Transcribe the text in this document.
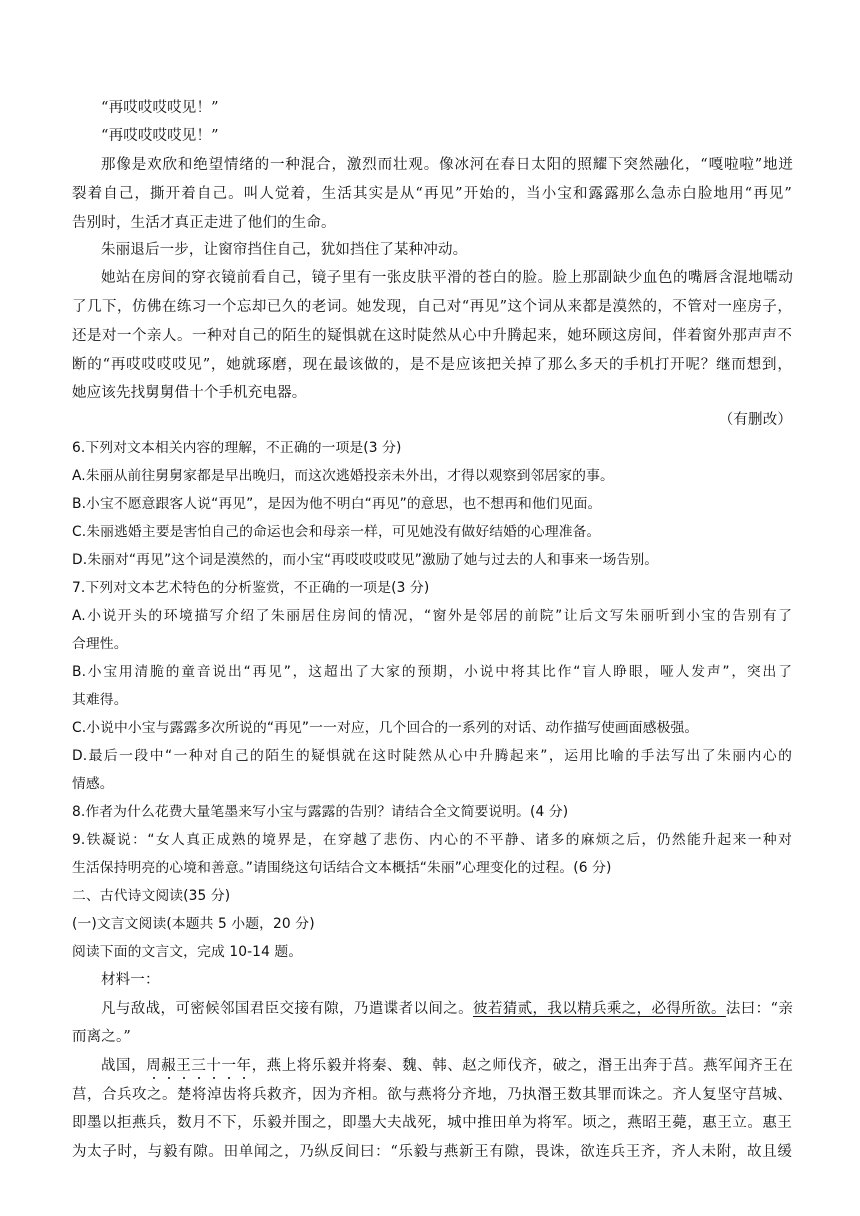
“再哎哎哎哎见！”
“再哎哎哎哎见！”
那像是欢欣和绝望情绪的一种混合，激烈而壮观。像冰河在春日太阳的照耀下突然融化，“嘎啦啦”地迸
裂着自己，撕开着自己。叫人觉着，生活其实是从“再见”开始的，当小宝和露露那么急赤白脸地用“再见”
告别时，生活才真正走进了他们的生命。
朱丽退后一步，让窗帘挡住自己，犹如挡住了某种冲动。
她站在房间的穿衣镜前看自己，镜子里有一张皮肤平滑的苍白的脸。脸上那副缺少血色的嘴唇含混地嚅动
了几下，仿佛在练习一个忘却已久的老词。她发现，自己对“再见”这个词从来都是漠然的，不管对一座房子，
还是对一个亲人。一种对自己的陌生的疑惧就在这时陡然从心中升腾起来，她环顾这房间，伴着窗外那声声不
断的“再哎哎哎哎见”，她就琢磨，现在最该做的，是不是应该把关掉了那么多天的手机打开呢？继而想到，
她应该先找舅舅借十个手机充电器。
（有删改）
6.下列对文本相关内容的理解，不正确的一项是(3 分)
A.朱丽从前往舅舅家都是早出晚归，而这次逃婚投亲未外出，才得以观察到邻居家的事。
B.小宝不愿意跟客人说“再见”，是因为他不明白“再见”的意思，也不想再和他们见面。
C.朱丽逃婚主要是害怕自己的命运也会和母亲一样，可见她没有做好结婚的心理准备。
D.朱丽对“再见”这个词是漠然的，而小宝“再哎哎哎哎见”激励了她与过去的人和事来一场告别。
7.下列对文本艺术特色的分析鉴赏，不正确的一项是(3 分)
A.小说开头的环境描写介绍了朱丽居住房间的情况，“窗外是邻居的前院”让后文写朱丽听到小宝的告别有了
合理性。
B.小宝用清脆的童音说出“再见”，这超出了大家的预期，小说中将其比作“盲人睁眼，哑人发声”，突出了
其难得。
C.小说中小宝与露露多次所说的“再见”一一对应，几个回合的一系列的对话、动作描写使画面感极强。
D.最后一段中“一种对自己的陌生的疑惧就在这时陡然从心中升腾起来”，运用比喻的手法写出了朱丽内心的
情感。
8.作者为什么花费大量笔墨来写小宝与露露的告别？请结合全文简要说明。(4 分)
9.铁凝说：“女人真正成熟的境界是，在穿越了悲伤、内心的不平静、诸多的麻烦之后，仍然能升起来一种对
生活保持明亮的心境和善意。”请围绕这句话结合文本概括“朱丽”心理变化的过程。(6 分)
二、古代诗文阅读(35 分)
(一)文言文阅读(本题共 5 小题，20 分)
阅读下面的文言文，完成 10-14 题。
材料一：
凡与敌战，可密候邻国君臣交接有隙，乃遣谍者以间之。彼若猜贰，我以精兵乘之，必得所欲。法曰：“亲
而离之。”
战国，周赧王三十一年，燕上将乐毅并将秦、魏、韩、赵之师伐齐，破之，湣王出奔于莒。燕军闻齐王在
莒，合兵攻之。楚将淖齿将兵救齐，因为齐相。欲与燕将分齐地，乃执湣王数其罪而诛之。齐人复坚守莒城、
即墨以拒燕兵，数月不下，乐毅并围之，即墨大夫战死，城中推田单为将军。顷之，燕昭王薨，惠王立。惠王
为太子时，与毅有隙。田单闻之，乃纵反间曰：“乐毅与燕新王有隙，畏诛，欲连兵王齐，齐人未附，故且缓
